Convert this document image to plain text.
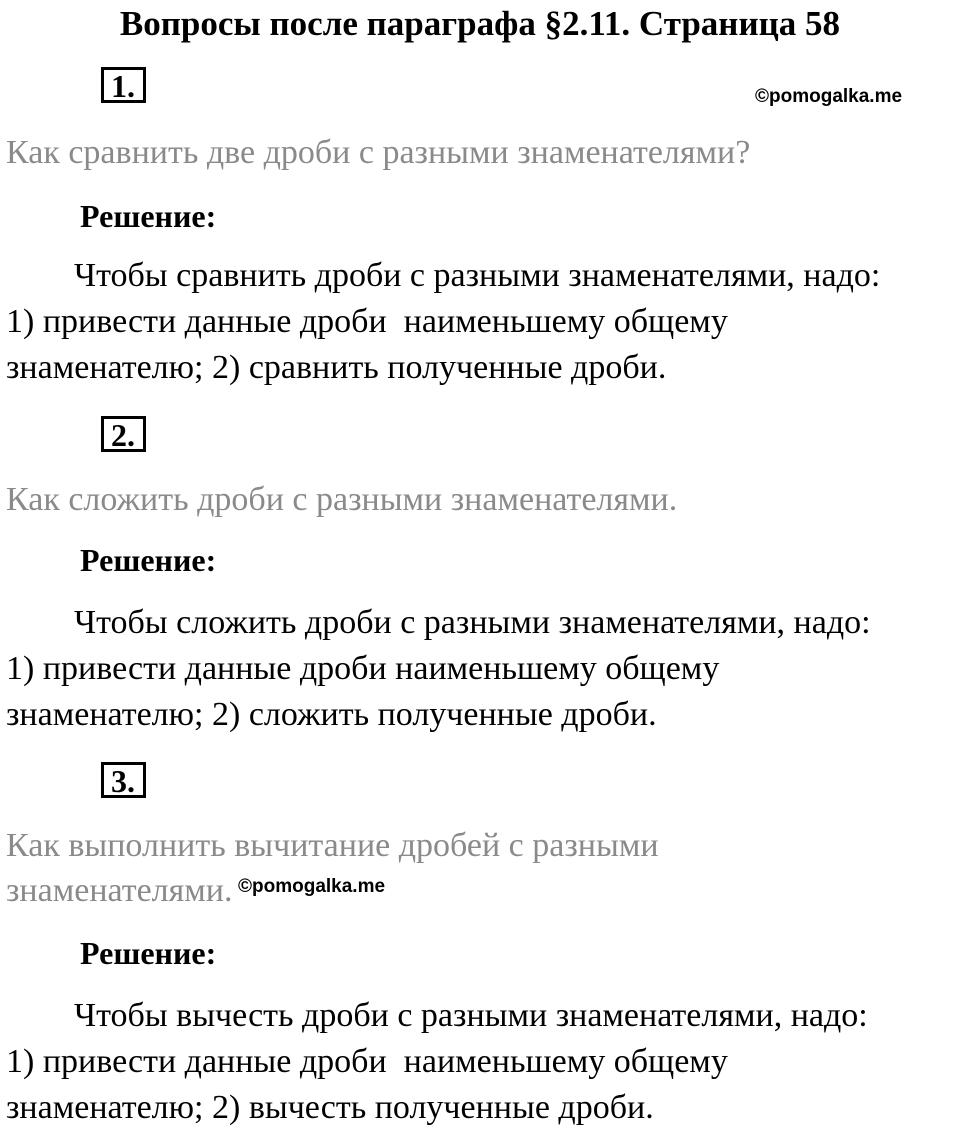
Вопросы после параграфа §2.11. Страница 58
1.	©pomogalka.me
Как сравнить две дроби с разными знаменателями?
Решение:
Чтобы сравнить дроби с разными знаменателями, надо:
1) привести данные дроби  наименьшему общему
знаменателю; 2) сравнить полученные дроби.
2.
Как сложить дроби с разными знаменателями.
Решение:
Чтобы сложить дроби с разными знаменателями, надо:
1) привести данные дроби наименьшему общему
знаменателю; 2) сложить полученные дроби.
3.
Как выполнить вычитание дробей с разными
знаменателями. ©pomogalka.me
Решение:
Чтобы вычесть дроби с разными знаменателями, надо:
1) привести данные дроби  наименьшему общему
знаменателю; 2) вычесть полученные дроби.
